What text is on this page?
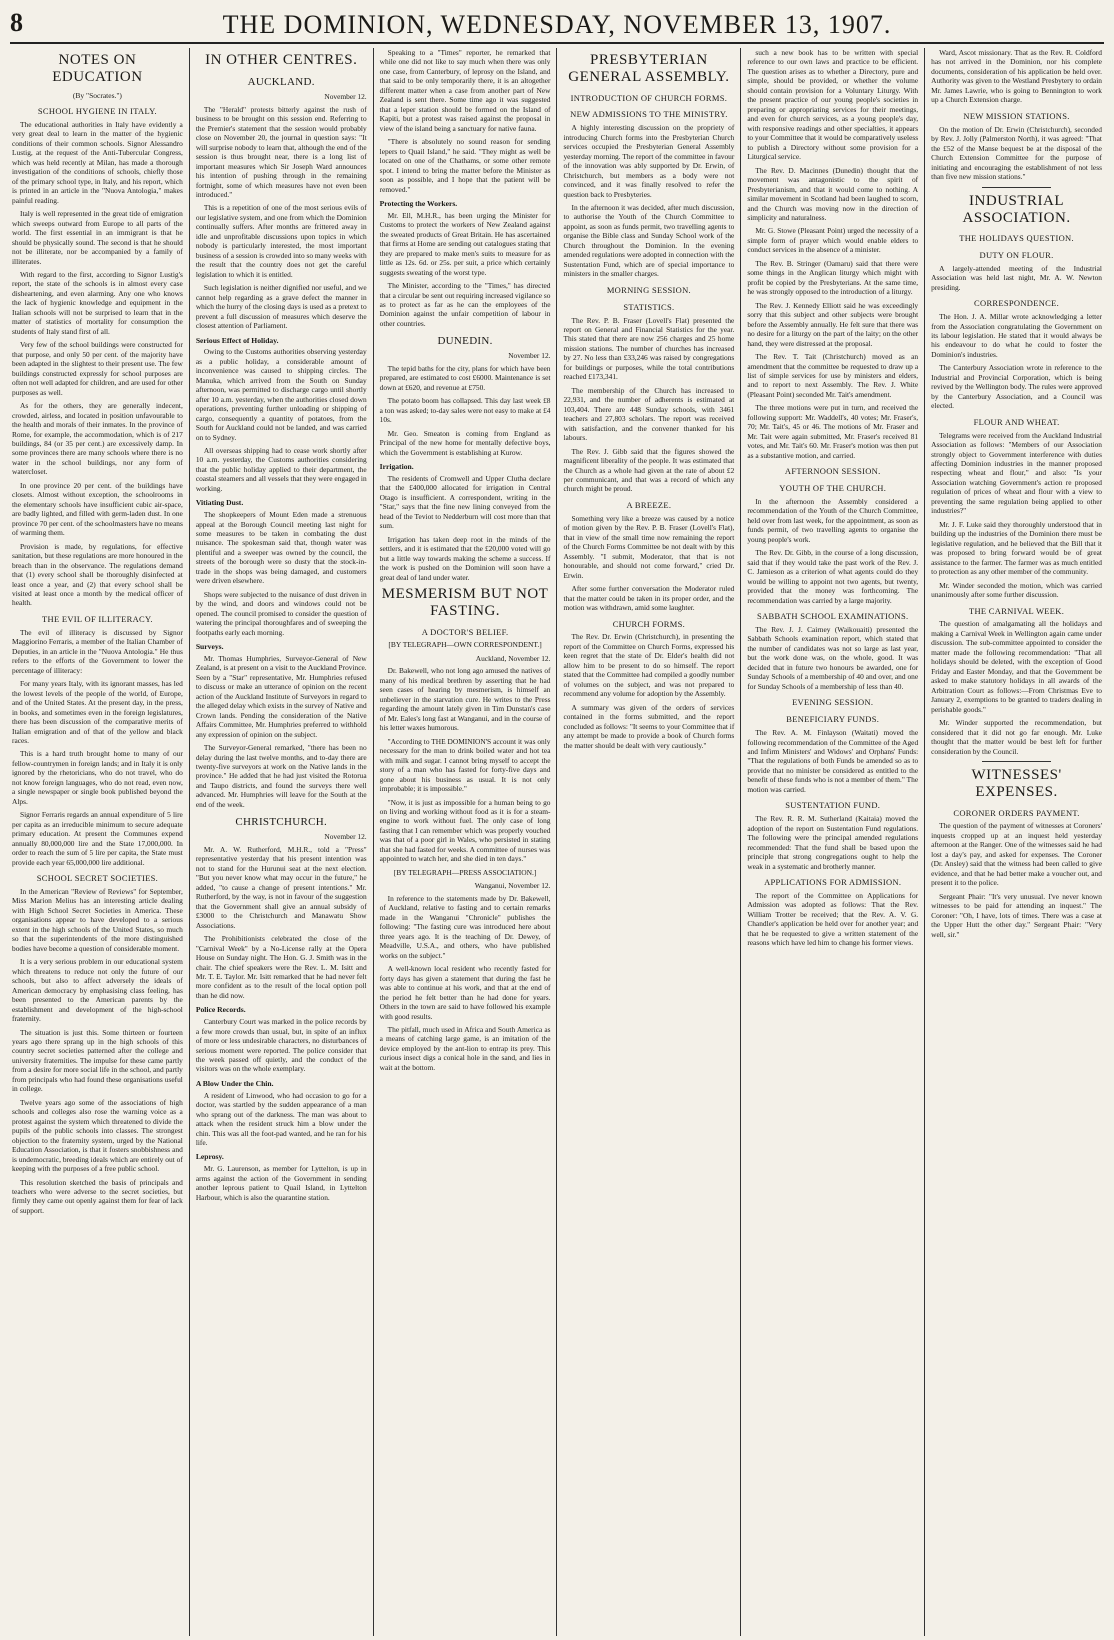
8	THE DOMINION, WEDNESDAY, NOVEMBER 13, 1907.
NOTES ON EDUCATION
(By "Socrates.")
SCHOOL HYGIENE IN ITALY.

The educational authorities in Italy have evidently a very great deal to learn in the matter of the hygienic conditions of their common schools. Signor Alessandro Lustig, at the request of the Anti-Tubercular Congress, which was held recently at Milan, has made a thorough investigation of the conditions of schools, chiefly those of the primary school type, in Italy, and his report, which is printed in an article in the "Nuova Antologia," makes painful reading.

Italy is well represented in the great tide of emigration which sweeps outward from Europe to all parts of the world. The first essential in an immigrant is that he should be physically sound. The second is that he should not be illiterate, nor be accompanied by a family of illiterates.

With regard to the first, according to Signor Lustig's report, the state of the schools is in almost every case disheartening, and even alarming. Any one who knows the lack of hygienic knowledge and equipment in the Italian schools will not be surprised to learn that in the matter of statistics of mortality for consumption the students of Italy stand first of all.

Very few of the school buildings were constructed for that purpose, and only 50 per cent. of the majority have been adapted in the slightest to their present use. The few buildings constructed expressly for school purposes are often not well adapted for children, and are used for other purposes as well.

As for the others, they are generally indecent, crowded, airless, and located in position unfavourable to the health and morals of their inmates. In the province of Rome, for example, the accommodation, which is of 217 buildings, 84 (or 35 per cent.) are excessively damp. In some provinces there are many schools where there is no water in the school buildings, nor any form of watercloset.

In one province 20 per cent. of the buildings have closets. Almost without exception, the schoolrooms in the elementary schools have insufficient cubic air-space, are badly lighted, and filled with germ-laden dust. In one province 70 per cent. of the schoolmasters have no means of warming them.

Provision is made, by regulations, for effective sanitation, but these regulations are more honoured in the breach than in the observance. The regulations demand that (1) every school shall be thoroughly disinfected at least once a year, and (2) that every school shall be visited at least once a month by the medical officer of health.

THE EVIL OF ILLITERACY.

The evil of illiteracy is discussed by Signor Maggiorino Ferraris, a member of the Italian Chamber of Deputies, in an article in the "Nuova Antologia." He thus refers to the efforts of the Government to lower the percentage of illiteracy:

For many years Italy, with its ignorant masses, has led the lowest levels of the people of the world, of Europe, and of the United States. At the present day, in the press, in books, and sometimes even in the foreign legislatures, there has been discussion of the comparative merits of Italian emigration and of that of the yellow and black races.

This is a hard truth brought home to many of our fellow-countrymen in foreign lands; and in Italy it is only ignored by the rhetoricians, who do not travel, who do not know foreign languages, who do not read, even now, a single newspaper or single book published beyond the Alps.

Signor Ferraris regards an annual expenditure of 5 lire per capita as an irreducible minimum to secure adequate primary education. At present the Communes expend annually 80,000,000 lire and the State 17,000,000. In order to reach the sum of 5 lire per capita, the State must provide each year 65,000,000 lire additional.

SCHOOL SECRET SOCIETIES.

In the American "Review of Reviews" for September, Miss Marion Melius has an interesting article dealing with High School Secret Societies in America. These organisations appear to have developed to a serious extent in the high schools of the United States, so much so that the superintendents of the more distinguished bodies have become a question of considerable moment.

It is a very serious problem in our educational system which threatens to reduce not only the future of our schools, but also to affect adversely the ideals of American democracy by emphasising class feeling, has been presented to the American parents by the establishment and development of the high-school fraternity.

The situation is just this. Some thirteen or fourteen years ago there sprang up in the high schools of this country secret societies patterned after the college and university fraternities. The impulse for these came partly from a desire for more social life in the school, and partly from principals who had found these organisations useful in college.

Twelve years ago some of the associations of high schools and colleges also rose the warning voice as a protest against the system which threatened to divide the pupils of the public schools into classes. The strongest objection to the fraternity system, urged by the National Education Association, is that it fosters snobbishness and is undemocratic, breeding ideals which are entirely out of keeping with the purposes of a free public school.

This resolution sketched the basis of principals and teachers who were adverse to the secret societies, but firmly they came out openly against them for fear of lack of support.

IN OTHER CENTRES.
AUCKLAND.
November 12.

The "Herald" protests bitterly against the rush of business to be brought on this session end. Referring to the Premier's statement that the session would probably close on November 20, the journal in question says: "It will surprise nobody to learn that, although the end of the session is thus brought near, there is a long list of important measures which Sir Joseph Ward announces his intention of pushing through in the remaining fortnight, some of which measures have not even been introduced."

This is a repetition of one of the most serious evils of our legislative system, and one from which the Dominion continually suffers. After months are frittered away in idle and unprofitable discussions upon topics in which nobody is particularly interested, the most important business of a session is crowded into so many weeks with the result that the country does not get the careful legislation to which it is entitled.

Such legislation is neither dignified nor useful, and we cannot help regarding as a grave defect the manner in which the hurry of the closing days is used as a pretext to prevent a full discussion of measures which deserve the closest attention of Parliament.

Serious Effect of Holiday.

Owing to the Customs authorities observing yesterday as a public holiday, a considerable amount of inconvenience was caused to shipping circles. The Manuka, which arrived from the South on Sunday afternoon, was permitted to discharge cargo until shortly after 10 a.m. yesterday, when the authorities closed down operations, preventing further unloading or shipping of cargo, consequently a quantity of potatoes, from the South for Auckland could not be landed, and was carried on to Sydney.

All overseas shipping had to cease work shortly after 10 a.m. yesterday, the Customs authorities considering that the public holiday applied to their department, the coastal steamers and all vessels that they were engaged in working.

Vitiating Dust.

The shopkeepers of Mount Eden made a strenuous appeal at the Borough Council meeting last night for some measures to be taken in combating the dust nuisance. The spokesman said that, though water was plentiful and a sweeper was owned by the council, the streets of the borough were so dusty that the stock-in-trade in the shops was being damaged, and customers were driven elsewhere.

Shops were subjected to the nuisance of dust driven in by the wind, and doors and windows could not be opened. The council promised to consider the question of watering the principal thoroughfares and of sweeping the footpaths early each morning.

Surveys.

Mr. Thomas Humphries, Surveyor-General of New Zealand, is at present on a visit to the Auckland Province. Seen by a "Star" representative, Mr. Humphries refused to discuss or make an utterance of opinion on the recent action of the Auckland Institute of Surveyors in regard to the alleged delay which exists in the survey of Native and Crown lands. Pending the consideration of the Native Affairs Committee, Mr. Humphries preferred to withhold any expression of opinion on the subject.

The Surveyor-General remarked, "there has been no delay during the last twelve months, and to-day there are twenty-five surveyors at work on the Native lands in the province." He added that he had just visited the Rotorua and Taupo districts, and found the surveys there well advanced. Mr. Humphries will leave for the South at the end of the week.

CHRISTCHURCH.
November 12.

Mr. A. W. Rutherford, M.H.R., told a "Press" representative yesterday that his present intention was not to stand for the Hurunui seat at the next election. "But you never know what may occur in the future," he added, "to cause a change of present intentions." Mr. Rutherford, by the way, is not in favour of the suggestion that the Government shall give an annual subsidy of £3000 to the Christchurch and Manawatu Show Associations.

The Prohibitionists celebrated the close of the "Carnival Week" by a No-License rally at the Opera House on Sunday night. The Hon. G. J. Smith was in the chair. The chief speakers were the Rev. L. M. Isitt and Mr. T. E. Taylor. Mr. Isitt remarked that he had never felt more confident as to the result of the local option poll than he did now.

Police Records.

Canterbury Court was marked in the police records by a few more crowds than usual, but, in spite of an influx of more or less undesirable characters, no disturbances of serious moment were reported. The police consider that the week passed off quietly, and the conduct of the visitors was on the whole exemplary.

A Blow Under the Chin.

A resident of Linwood, who had occasion to go for a doctor, was startled by the sudden appearance of a man who sprang out of the darkness. The man was about to attack when the resident struck him a blow under the chin. This was all the foot-pad wanted, and he ran for his life.

Leprosy.

Mr. G. Laurenson, as member for Lyttelton, is up in arms against the action of the Government in sending another leprous patient to Quail Island, in Lyttelton Harbour, which is also the quarantine station.

Speaking to a "Times" reporter, he remarked that while one did not like to say much when there was only one case, from Canterbury, of leprosy on the Island, and that said to be only temporarily there, it is an altogether different matter when a case from another part of New Zealand is sent there. Some time ago it was suggested that a leper station should be formed on the Island of Kapiti, but a protest was raised against the proposal in view of the island being a sanctuary for native fauna.

"There is absolutely no sound reason for sending lepers to Quail Island," he said. "They might as well be located on one of the Chathams, or some other remote spot. I intend to bring the matter before the Minister as soon as possible, and I hope that the patient will be removed."

Protecting the Workers.

Mr. Ell, M.H.R., has been urging the Minister for Customs to protect the workers of New Zealand against the sweated products of Great Britain. He has ascertained that firms at Home are sending out catalogues stating that they are prepared to make men's suits to measure for as little as 12s. 6d. or 25s. per suit, a price which certainly suggests sweating of the worst type.

The Minister, according to the "Times," has directed that a circular be sent out requiring increased vigilance so as to protect as far as he can the employees of the Dominion against the unfair competition of labour in other countries.

DUNEDIN.
November 12.

The tepid baths for the city, plans for which have been prepared, are estimated to cost £6000. Maintenance is set down at £620, and revenue at £750.

The potato boom has collapsed. This day last week £8 a ton was asked; to-day sales were not easy to make at £4 10s.

Mr. Geo. Smeaton is coming from England as Principal of the new home for mentally defective boys, which the Government is establishing at Kurow.

Irrigation.

The residents of Cromwell and Upper Clutha declare that the £400,000 allocated for irrigation in Central Otago is insufficient. A correspondent, writing in the "Star," says that the fine new lining conveyed from the head of the Teviot to Nedderburn will cost more than that sum.

Irrigation has taken deep root in the minds of the settlers, and it is estimated that the £20,000 voted will go but a little way towards making the scheme a success. If the work is pushed on the Dominion will soon have a great deal of land under water.

MESMERISM BUT NOT FASTING.
A DOCTOR'S BELIEF.
[BY TELEGRAPH—OWN CORRESPONDENT.]
Auckland, November 12.

Dr. Bakewell, who not long ago amused the natives of many of his medical brethren by asserting that he had seen cases of hearing by mesmerism, is himself an unbeliever in the starvation cure. He writes to the Press regarding the amount lately given in Tim Dunstan's case of Mr. Eales's long fast at Wanganui, and in the course of his letter waxes humorous.

"According to THE DOMINION'S account it was only necessary for the man to drink boiled water and hot tea with milk and sugar. I cannot bring myself to accept the story of a man who has fasted for forty-five days and gone about his business as usual. It is not only improbable; it is impossible."

"Now, it is just as impossible for a human being to go on living and working without food as it is for a steam-engine to work without fuel. The only case of long fasting that I can remember which was properly vouched was that of a poor girl in Wales, who persisted in stating that she had fasted for weeks. A committee of nurses was appointed to watch her, and she died in ten days."

[BY TELEGRAPH—PRESS ASSOCIATION.]
Wanganui, November 12.

In reference to the statements made by Dr. Bakewell, of Auckland, relative to fasting and to certain remarks made in the Wanganui "Chronicle" publishes the following: "The fasting cure was introduced here about three years ago. It is the teaching of Dr. Dewey, of Meadville, U.S.A., and others, who have published works on the subject."

A well-known local resident who recently fasted for forty days has given a statement that during the fast he was able to continue at his work, and that at the end of the period he felt better than he had done for years. Others in the town are said to have followed his example with good results.

The pitfall, much used in Africa and South America as a means of catching large game, is an imitation of the device employed by the ant-lion to entrap its prey. This curious insect digs a conical hole in the sand, and lies in wait at the bottom.

PRESBYTERIAN GENERAL ASSEMBLY.
INTRODUCTION OF CHURCH FORMS.
NEW ADMISSIONS TO THE MINISTRY.

A highly interesting discussion on the propriety of introducing Church forms into the Presbyterian Church services occupied the Presbyterian General Assembly yesterday morning. The report of the committee in favour of the innovation was ably supported by Dr. Erwin, of Christchurch, but members as a body were not convinced, and it was finally resolved to refer the question back to Presbyteries.

In the afternoon it was decided, after much discussion, to authorise the Youth of the Church Committee to appoint, as soon as funds permit, two travelling agents to organise the Bible class and Sunday School work of the Church throughout the Dominion. In the evening amended regulations were adopted in connection with the Sustentation Fund, which are of special importance to ministers in the smaller charges.

MORNING SESSION.
STATISTICS.

The Rev. P. B. Fraser (Lovell's Flat) presented the report on General and Financial Statistics for the year. This stated that there are now 256 charges and 25 home mission stations. The number of churches has increased by 27. No less than £33,246 was raised by congregations for buildings or purposes, while the total contributions reached £173,341.

The membership of the Church has increased to 22,931, and the number of adherents is estimated at 103,404. There are 448 Sunday schools, with 3461 teachers and 27,803 scholars. The report was received with satisfaction, and the convener thanked for his labours.

The Rev. J. Gibb said that the figures showed the magnificent liberality of the people. It was estimated that the Church as a whole had given at the rate of about £2 per communicant, and that was a record of which any church might be proud.

A BREEZE.

Something very like a breeze was caused by a notice of motion given by the Rev. P. B. Fraser (Lovell's Flat), that in view of the small time now remaining the report of the Church Forms Committee be not dealt with by this Assembly. "I submit, Moderator, that that is not honourable, and should not come forward," cried Dr. Erwin.

After some further conversation the Moderator ruled that the matter could be taken in its proper order, and the motion was withdrawn, amid some laughter.

CHURCH FORMS.

The Rev. Dr. Erwin (Christchurch), in presenting the report of the Committee on Church Forms, expressed his keen regret that the state of Dr. Elder's health did not allow him to be present to do so himself. The report stated that the Committee had compiled a goodly number of volumes on the subject, and was not prepared to recommend any volume for adoption by the Assembly.

A summary was given of the orders of services contained in the forms submitted, and the report concluded as follows: "It seems to your Committee that if any attempt be made to provide a book of Church forms the matter should be dealt with very cautiously."

such a new book has to be written with special reference to our own laws and practice to be efficient. The question arises as to whether a Directory, pure and simple, should be provided, or whether the volume should contain provision for a Voluntary Liturgy. With the present practice of our young people's societies in preparing or appropriating services for their meetings, and even for church services, as a young people's day, with responsive readings and other specialties, it appears to your Committee that it would be comparatively useless to publish a Directory without some provision for a Liturgical service.

The Rev. D. Macinnes (Dunedin) thought that the movement was antagonistic to the spirit of Presbyterianism, and that it would come to nothing. A similar movement in Scotland had been laughed to scorn, and the Church was moving now in the direction of simplicity and naturalness.

Mr. G. Stowe (Pleasant Point) urged the necessity of a simple form of prayer which would enable elders to conduct services in the absence of a minister.

The Rev. B. Stringer (Oamaru) said that there were some things in the Anglican liturgy which might with profit be copied by the Presbyterians. At the same time, he was strongly opposed to the introduction of a liturgy.

The Rev. J. Kennedy Elliott said he was exceedingly sorry that this subject and other subjects were brought before the Assembly annually. He felt sure that there was no desire for a liturgy on the part of the laity; on the other hand, they were distressed at the proposal.

The Rev. T. Tait (Christchurch) moved as an amendment that the committee be requested to draw up a list of simple services for use by ministers and elders, and to report to next Assembly. The Rev. J. White (Pleasant Point) seconded Mr. Tait's amendment.

The three motions were put in turn, and received the following support: Mr. Waddell's, 40 votes; Mr. Fraser's, 70; Mr. Tait's, 45 or 46. The motions of Mr. Fraser and Mr. Tait were again submitted, Mr. Fraser's received 81 votes, and Mr. Tait's 60. Mr. Fraser's motion was then put as a substantive motion, and carried.

AFTERNOON SESSION.
YOUTH OF THE CHURCH.

In the afternoon the Assembly considered a recommendation of the Youth of the Church Committee, held over from last week, for the appointment, as soon as funds permit, of two travelling agents to organise the young people's work.

The Rev. Dr. Gibb, in the course of a long discussion, said that if they would take the past work of the Rev. J. C. Jamieson as a criterion of what agents could do they would be willing to appoint not two agents, but twenty, provided that the money was forthcoming. The recommendation was carried by a large majority.

SABBATH SCHOOL EXAMINATIONS.

The Rev. J. J. Cairney (Waikouaiti) presented the Sabbath Schools examination report, which stated that the number of candidates was not so large as last year, but the work done was, on the whole, good. It was decided that in future two honours be awarded, one for Sunday Schools of a membership of 40 and over, and one for Sunday Schools of a membership of less than 40.

EVENING SESSION.
BENEFICIARY FUNDS.

The Rev. A. M. Finlayson (Waitati) moved the following recommendation of the Committee of the Aged and Infirm Ministers' and Widows' and Orphans' Funds: "That the regulations of both Funds be amended so as to provide that no minister be considered as entitled to the benefit of these funds who is not a member of them." The motion was carried.

SUSTENTATION FUND.

The Rev. R. R. M. Sutherland (Kaitaia) moved the adoption of the report on Sustentation Fund regulations. The following were the principal amended regulations recommended: That the fund shall be based upon the principle that strong congregations ought to help the weak in a systematic and brotherly manner.

APPLICATIONS FOR ADMISSION.

The report of the Committee on Applications for Admission was adopted as follows: That the Rev. William Trotter be received; that the Rev. A. V. G. Chandler's application be held over for another year; and that he be requested to give a written statement of the reasons which have led him to change his former views.

Ward, Ascot missionary. That as the Rev. R. Coldford has not arrived in the Dominion, nor his complete documents, consideration of his application be held over. Authority was given to the Westland Presbytery to ordain Mr. James Lawrie, who is going to Bennington to work up a Church Extension charge.

NEW MISSION STATIONS.

On the motion of Dr. Erwin (Christchurch), seconded by Rev. J. Jolly (Palmerston North), it was agreed: "That the £52 of the Manse bequest be at the disposal of the Church Extension Committee for the purpose of initiating and encouraging the establishment of not less than five new mission stations."

INDUSTRIAL ASSOCIATION.
THE HOLIDAYS QUESTION.
DUTY ON FLOUR.

A largely-attended meeting of the Industrial Association was held last night, Mr. A. W. Newton presiding.

CORRESPONDENCE.

The Hon. J. A. Millar wrote acknowledging a letter from the Association congratulating the Government on its labour legislation. He stated that it would always be his endeavour to do what he could to foster the Dominion's industries.

The Canterbury Association wrote in reference to the Industrial and Provincial Corporation, which is being revived by the Wellington body. The rules were approved by the Canterbury Association, and a Council was elected.

FLOUR AND WHEAT.

Telegrams were received from the Auckland Industrial Association as follows: "Members of our Association strongly object to Government interference with duties affecting Dominion industries in the manner proposed respecting wheat and flour," and also: "Is your Association watching Government's action re proposed regulation of prices of wheat and flour with a view to preventing the same regulation being applied to other industries?"

Mr. J. F. Luke said they thoroughly understood that in building up the industries of the Dominion there must be legislative regulation, and he believed that the Bill that it was proposed to bring forward would be of great assistance to the farmer. The farmer was as much entitled to protection as any other member of the community.

Mr. Winder seconded the motion, which was carried unanimously after some further discussion.

THE CARNIVAL WEEK.

The question of amalgamating all the holidays and making a Carnival Week in Wellington again came under discussion. The sub-committee appointed to consider the matter made the following recommendation: "That all holidays should be deleted, with the exception of Good Friday and Easter Monday, and that the Government be asked to make statutory holidays in all awards of the Arbitration Court as follows:—From Christmas Eve to January 2, exemptions to be granted to traders dealing in perishable goods."

Mr. Winder supported the recommendation, but considered that it did not go far enough. Mr. Luke thought that the matter would be best left for further consideration by the Council.

WITNESSES' EXPENSES.
CORONER ORDERS PAYMENT.

The question of the payment of witnesses at Coroners' inquests cropped up at an inquest held yesterday afternoon at the Ranger. One of the witnesses said he had lost a day's pay, and asked for expenses. The Coroner (Dr. Ansley) said that the witness had been called to give evidence, and that he had better make a voucher out, and present it to the police.

Sergeant Phair: "It's very unusual. I've never known witnesses to be paid for attending an inquest." The Coroner: "Oh, I have, lots of times. There was a case at the Upper Hutt the other day." Sergeant Phair: "Very well, sir."
